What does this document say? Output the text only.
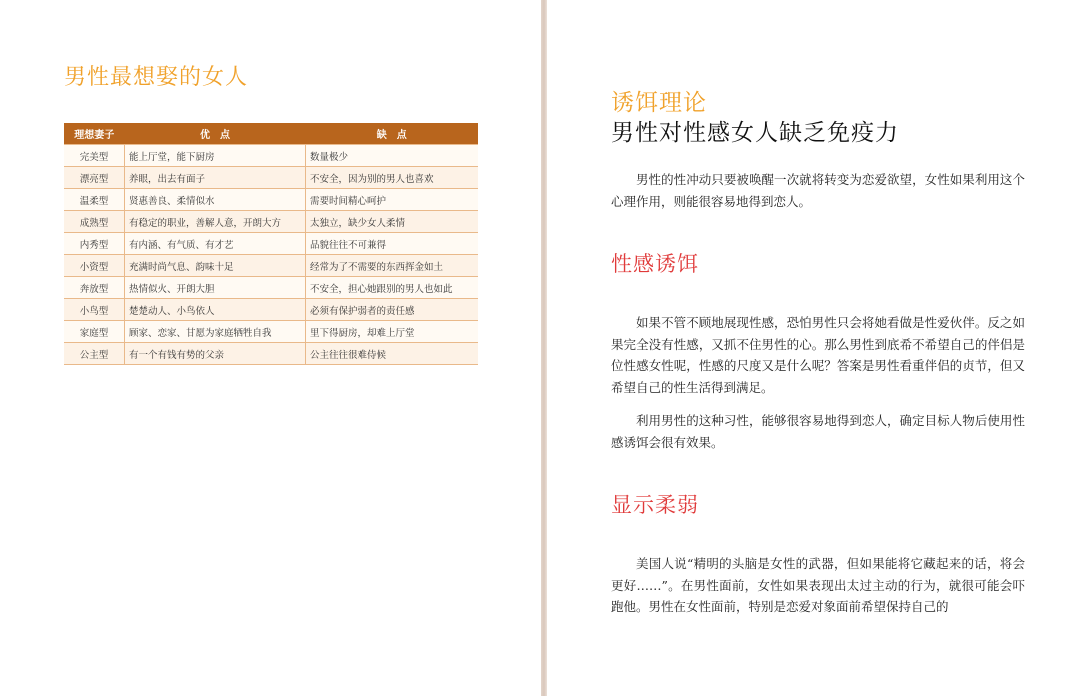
男性最想娶的女人
理想妻子	优　点	缺　点
完美型	能上厅堂，能下厨房	数量极少
漂亮型	养眼，出去有面子	不安全，因为别的男人也喜欢
温柔型	贤惠善良、柔情似水	需要时间精心呵护
成熟型	有稳定的职业，善解人意，开朗大方	太独立，缺少女人柔情
内秀型	有内涵、有气质、有才艺	品貌往往不可兼得
小资型	充满时尚气息、韵味十足	经常为了不需要的东西挥金如土
奔放型	热情似火、开朗大胆	不安全，担心她跟别的男人也如此
小鸟型	楚楚动人、小鸟依人	必须有保护弱者的责任感
家庭型	顾家、恋家、甘愿为家庭牺牲自我	里下得厨房，却难上厅堂
公主型	有一个有钱有势的父亲	公主往往很难侍候
诱饵理论
男性对性感女人缺乏免疫力
男性的性冲动只要被唤醒一次就将转变为恋爱欲望，女性如果利用这个心理作用，则能很容易地得到恋人。
性感诱饵
如果不管不顾地展现性感，恐怕男性只会将她看做是性爱伙伴。反之如果完全没有性感，又抓不住男性的心。那么男性到底希不希望自己的伴侣是位性感女性呢，性感的尺度又是什么呢？答案是男性看重伴侣的贞节，但又希望自己的性生活得到满足。
利用男性的这种习性，能够很容易地得到恋人，确定目标人物后使用性感诱饵会很有效果。
显示柔弱
美国人说“精明的头脑是女性的武器，但如果能将它藏起来的话，将会更好……”。在男性面前，女性如果表现出太过主动的行为，就很可能会吓跑他。男性在女性面前，特别是恋爱对象面前希望保持自己的
